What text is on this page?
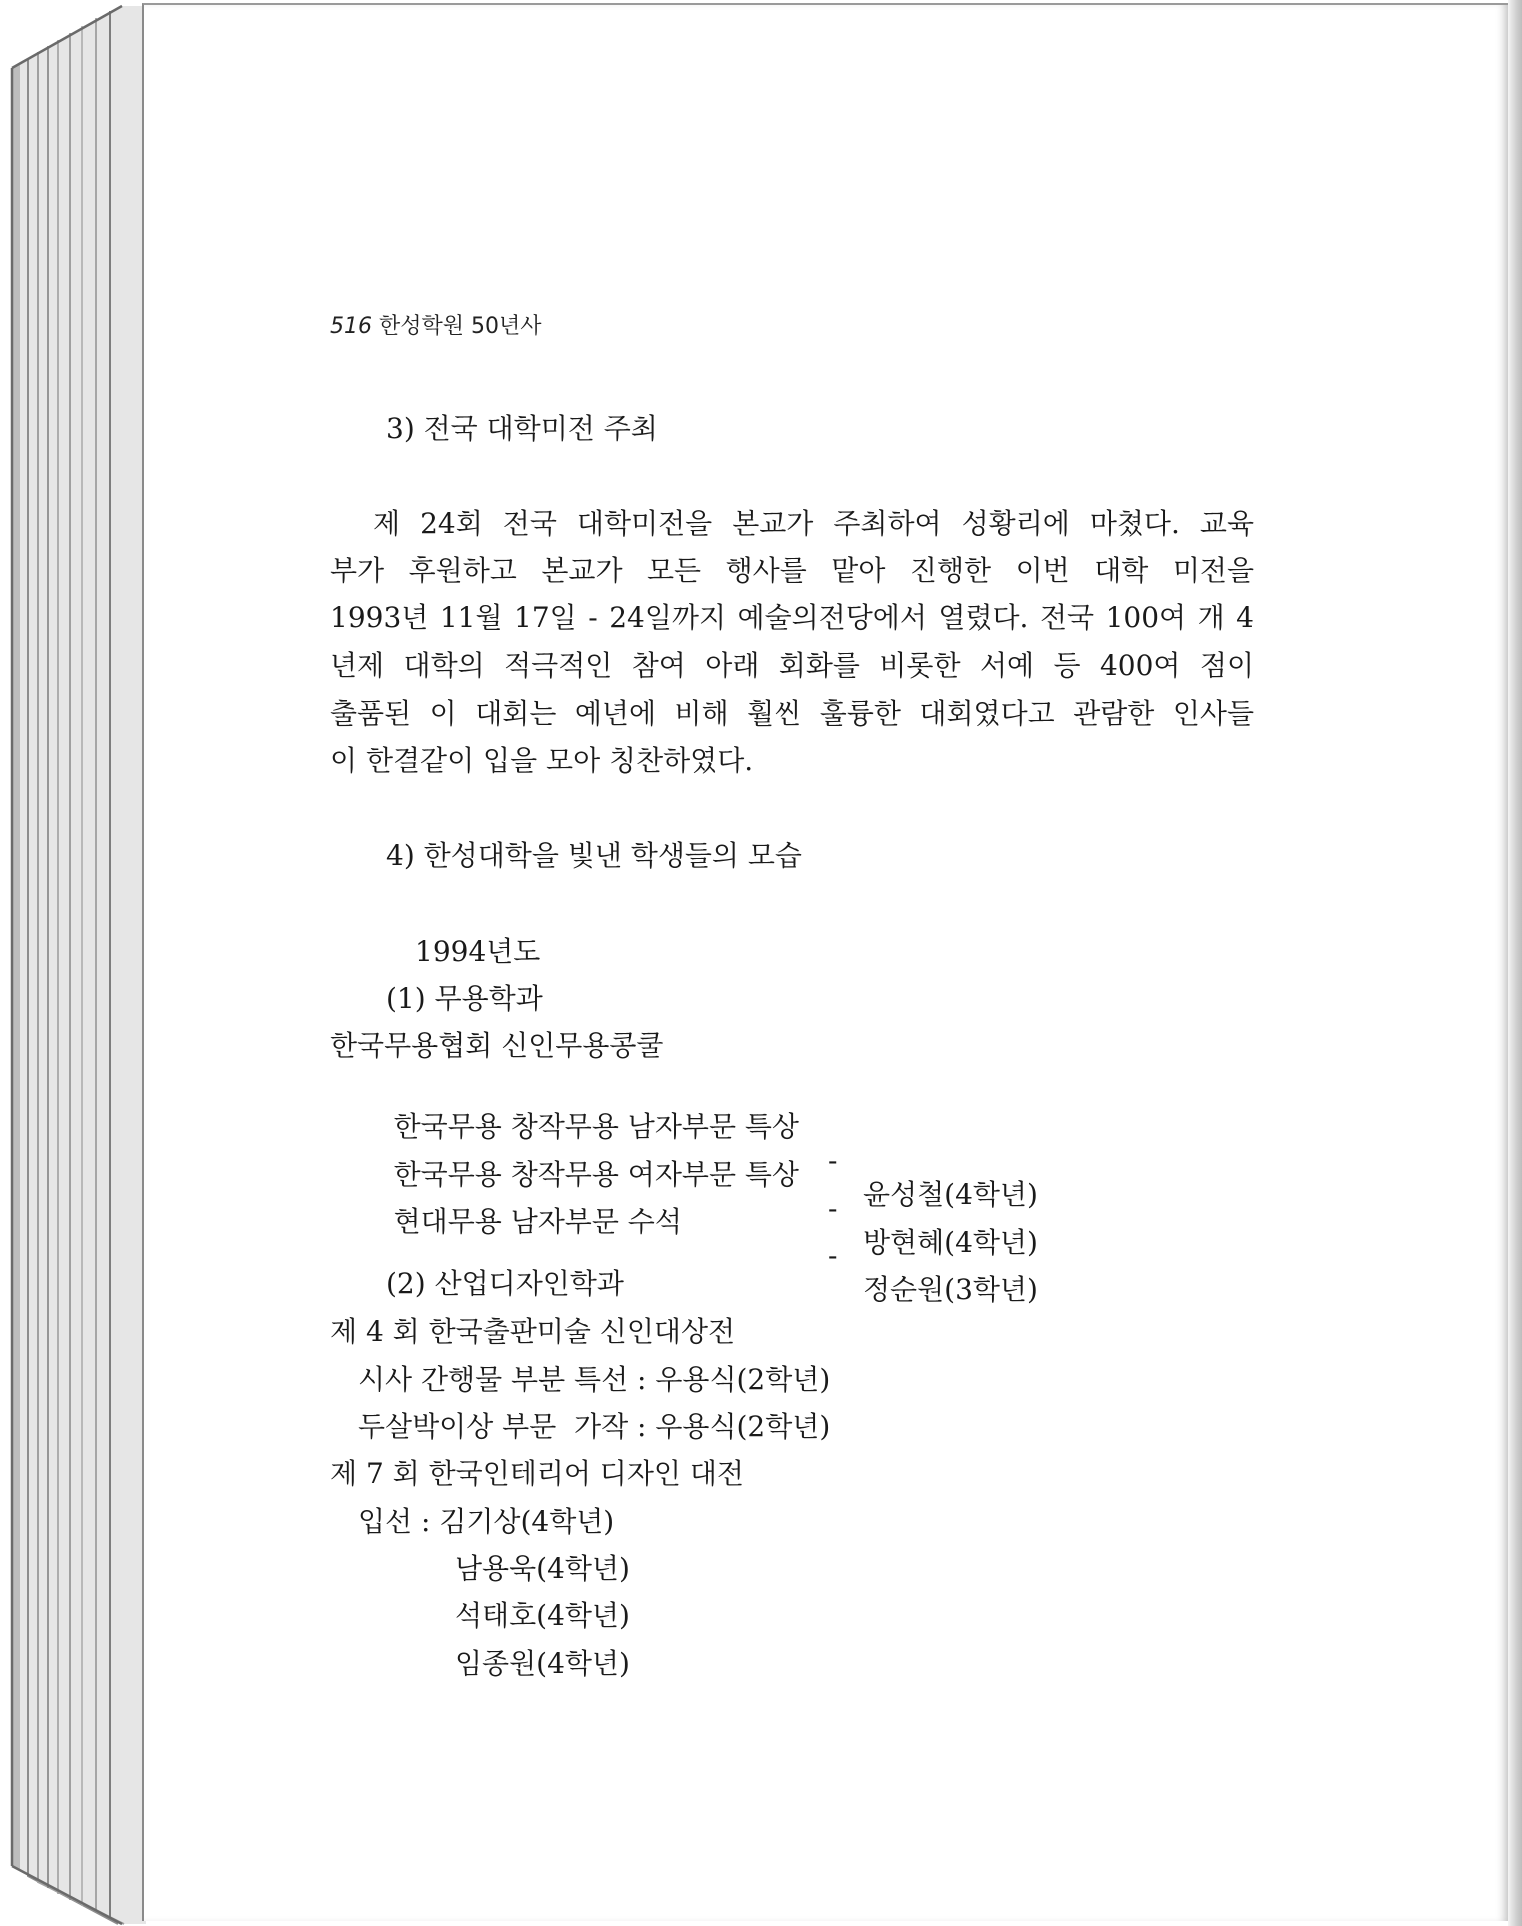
516 한성학원 50년사
3) 전국 대학미전 주최
제 24회 전국 대학미전을 본교가 주최하여 성황리에 마쳤다. 교육
부가 후원하고 본교가 모든 행사를 맡아 진행한 이번 대학 미전을
1993년 11월 17일 - 24일까지 예술의전당에서 열렸다. 전국 100여 개 4
년제 대학의 적극적인 참여 아래 회화를 비롯한 서예 등 400여 점이
출품된 이 대회는 예년에 비해 훨씬 훌륭한 대회였다고 관람한 인사들
이 한결같이 입을 모아 칭찬하였다.
4) 한성대학을 빛낸 학생들의 모습
1994년도
(1) 무용학과
한국무용협회 신인무용콩쿨

한국무용 창작무용 남자부문 특상

-

윤성철(4학년)

한국무용 창작무용 여자부문 특상

-

방현혜(4학년)

현대무용 남자부문 수석

-

정순원(3학년)

(2) 산업디자인학과
제 4 회 한국출판미술 신인대상전
시사 간행물 부분 특선 : 우용식(2학년)
두살박이상 부문  가작 : 우용식(2학년)
제 7 회 한국인테리어 디자인 대전
입선 : 김기상(4학년)
남용욱(4학년)
석태호(4학년)
임종원(4학년)
